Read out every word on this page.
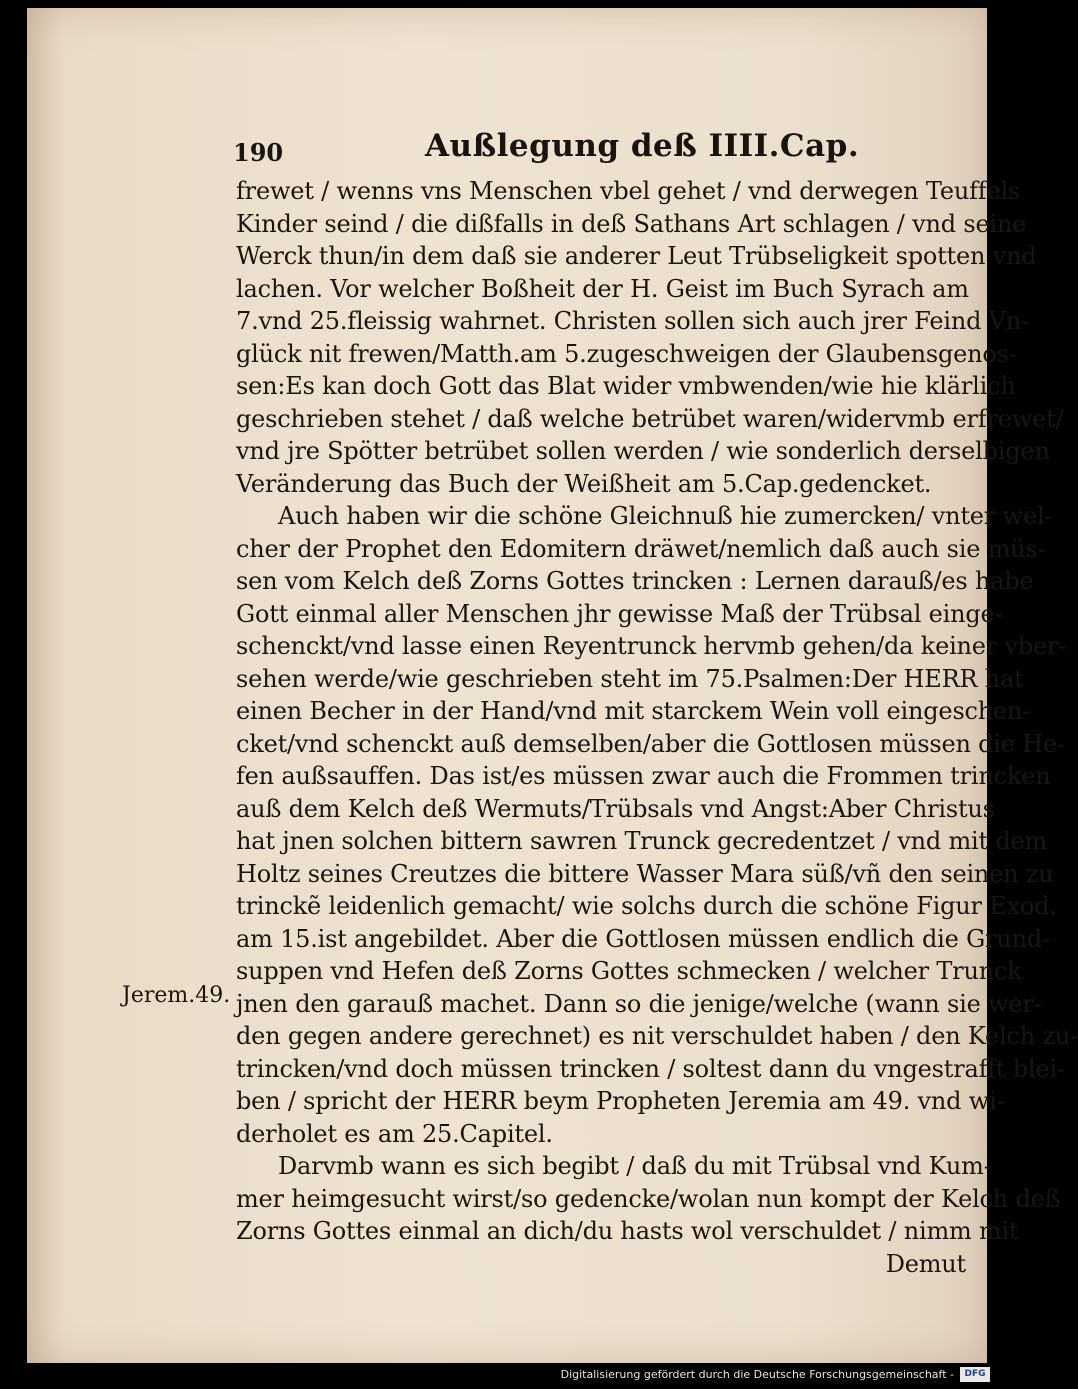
190	Außlegung deß IIII.Cap.
frewet / wenns vns Menschen vbel gehet / vnd derwegen Teuffels
Kinder seind / die dißfalls in deß Sathans Art schlagen / vnd seine
Werck thun/in dem daß sie anderer Leut Trübseligkeit spotten vnd
lachen. Vor welcher Boßheit der H. Geist im Buch Syrach am
7.vnd 25.fleissig wahrnet. Christen sollen sich auch jrer Feind Vn-
glück nit frewen/Matth.am 5.zugeschweigen der Glaubensgenos-
sen:Es kan doch Gott das Blat wider vmbwenden/wie hie klärlich
geschrieben stehet / daß welche betrübet waren/widervmb erfrewet/
vnd jre Spötter betrübet sollen werden / wie sonderlich derselbigen
Veränderung das Buch der Weißheit am 5.Cap.gedencket.
Auch haben wir die schöne Gleichnuß hie zumercken/ vnter wel-
cher der Prophet den Edomitern dräwet/nemlich daß auch sie müs-
sen vom Kelch deß Zorns Gottes trincken : Lernen darauß/es habe
Gott einmal aller Menschen jhr gewisse Maß der Trübsal einge-
schenckt/vnd lasse einen Reyentrunck hervmb gehen/da keiner vber-
sehen werde/wie geschrieben steht im 75.Psalmen:Der HERR hat
einen Becher in der Hand/vnd mit starckem Wein voll eingeschen-
cket/vnd schenckt auß demselben/aber die Gottlosen müssen die He-
fen außsauffen. Das ist/es müssen zwar auch die Frommen trincken
auß dem Kelch deß Wermuts/Trübsals vnd Angst:Aber Christus
hat jnen solchen bittern sawren Trunck gecredentzet / vnd mit dem
Holtz seines Creutzes die bittere Wasser Mara süß/vñ den seinen zu
trinckẽ leidenlich gemacht/ wie solchs durch die schöne Figur Exod.
am 15.ist angebildet. Aber die Gottlosen müssen endlich die Grund-
suppen vnd Hefen deß Zorns Gottes schmecken / welcher Trunck
jnen den garauß machet. Dann so die jenige/welche (wann sie wer-
den gegen andere gerechnet) es nit verschuldet haben / den Kelch zu-
trincken/vnd doch müssen trincken / soltest dann du vngestrafft blei-
ben / spricht der HERR beym Propheten Jeremia am 49. vnd wi-
derholet es am 25.Capitel.
Darvmb wann es sich begibt / daß du mit Trübsal vnd Kum-
mer heimgesucht wirst/so gedencke/wolan nun kompt der Kelch deß
Zorns Gottes einmal an dich/du hasts wol verschuldet / nimm mit
Demut
Jerem.49.
Digitalisierung gefördert durch die Deutsche Forschungsgemeinschaft -	DFG
